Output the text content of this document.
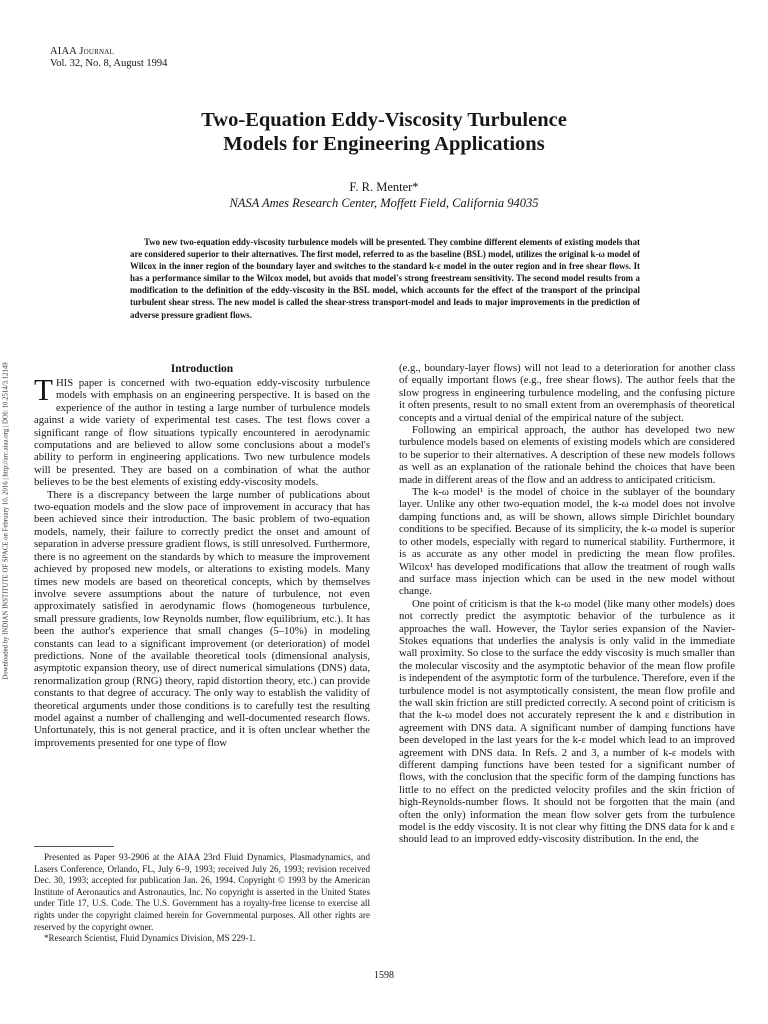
AIAA Journal
Vol. 32, No. 8, August 1994
Two-Equation Eddy-Viscosity Turbulence
Models for Engineering Applications
F. R. Menter*
NASA Ames Research Center, Moffett Field, California 94035
Two new two-equation eddy-viscosity turbulence models will be presented. They combine different elements of existing models that are considered superior to their alternatives. The first model, referred to as the baseline (BSL) model, utilizes the original k-ω model of Wilcox in the inner region of the boundary layer and switches to the standard k-ε model in the outer region and in free shear flows. It has a performance similar to the Wilcox model, but avoids that model's strong freestream sensitivity. The second model results from a modification to the definition of the eddy-viscosity in the BSL model, which accounts for the effect of the transport of the principal turbulent shear stress. The new model is called the shear-stress transport-model and leads to major improvements in the prediction of adverse pressure gradient flows.
Downloaded by INDIAN INSTITUTE OF SPACE on February 10, 2016 | http://arc.aiaa.org | DOI: 10.2514/3.12149	Introduction

THIS paper is concerned with two-equation eddy-viscosity turbulence models with emphasis on an engineering perspective. It is based on the experience of the author in testing a large number of turbulence models against a wide variety of experimental test cases. The test flows cover a significant range of flow situations typically encountered in aerodynamic computations and are believed to allow some conclusions about a model's ability to perform in engineering applications. Two new turbulence models will be presented. They are based on a combination of what the author believes to be the best elements of existing eddy-viscosity models.

There is a discrepancy between the large number of publications about two-equation models and the slow pace of improvement in accuracy that has been achieved since their introduction. The basic problem of two-equation models, namely, their failure to correctly predict the onset and amount of separation in adverse pressure gradient flows, is still unresolved. Furthermore, there is no agreement on the standards by which to measure the improvement achieved by proposed new models, or alterations to existing models. Many times new models are based on theoretical concepts, which by themselves involve severe assumptions about the nature of turbulence, not even approximately satisfied in aerodynamic flows (homogeneous turbulence, small pressure gradients, low Reynolds number, flow equilibrium, etc.). It has been the author's experience that small changes (5–10%) in modeling constants can lead to a significant improvement (or deterioration) of model predictions. None of the available theoretical tools (dimensional analysis, asymptotic expansion theory, use of direct numerical simulations (DNS) data, renormalization group (RNG) theory, rapid distortion theory, etc.) can provide constants to that degree of accuracy. The only way to establish the validity of theoretical arguments under those conditions is to carefully test the resulting model against a number of challenging and well-documented research flows. Unfortunately, this is not general practice, and it is often unclear whether the improvements presented for one type of flow

(e.g., boundary-layer flows) will not lead to a deterioration for another class of equally important flows (e.g., free shear flows). The author feels that the slow progress in engineering turbulence modeling, and the confusing picture it often presents, result to no small extent from an overemphasis of theoretical concepts and a virtual denial of the empirical nature of the subject.

Following an empirical approach, the author has developed two new turbulence models based on elements of existing models which are considered to be superior to their alternatives. A description of these new models follows as well as an explanation of the rationale behind the choices that have been made in different areas of the flow and an address to anticipated criticism.

The k-ω model¹ is the model of choice in the sublayer of the boundary layer. Unlike any other two-equation model, the k-ω model does not involve damping functions and, as will be shown, allows simple Dirichlet boundary conditions to be specified. Because of its simplicity, the k-ω model is superior to other models, especially with regard to numerical stability. Furthermore, it is as accurate as any other model in predicting the mean flow profiles. Wilcox¹ has developed modifications that allow the treatment of rough walls and surface mass injection which can be used in the new model without change.

One point of criticism is that the k-ω model (like many other models) does not correctly predict the asymptotic behavior of the turbulence as it approaches the wall. However, the Taylor series expansion of the Navier-Stokes equations that underlies the analysis is only valid in the immediate wall proximity. So close to the surface the eddy viscosity is much smaller than the molecular viscosity and the asymptotic behavior of the mean flow profile is independent of the asymptotic form of the turbulence. Therefore, even if the turbulence model is not asymptotically consistent, the mean flow profile and the wall skin friction are still predicted correctly. A second point of criticism is that the k-ω model does not accurately represent the k and ε distribution in agreement with DNS data. A significant number of damping functions have been developed in the last years for the k-ε model which lead to an improved agreement with DNS data. In Refs. 2 and 3, a number of k-ε models with different damping functions have been tested for a significant number of flows, with the conclusion that the specific form of the damping functions has little to no effect on the predicted velocity profiles and the skin friction of high-Reynolds-number flows. It should not be forgotten that the main (and often the only) information the mean flow solver gets from the turbulence model is the eddy viscosity. It is not clear why fitting the DNS data for k and ε should lead to an improved eddy-viscosity distribution. In the end, the

Presented as Paper 93-2906 at the AIAA 23rd Fluid Dynamics, Plasmadynamics, and Lasers Conference, Orlando, FL, July 6–9, 1993; received July 26, 1993; revision received Dec. 30, 1993; accepted for publication Jan. 26, 1994. Copyright © 1993 by the American Institute of Aeronautics and Astronautics, Inc. No copyright is asserted in the United States under Title 17, U.S. Code. The U.S. Government has a royalty-free license to exercise all rights under the copyright claimed herein for Governmental purposes. All other rights are reserved by the copyright owner.

*Research Scientist, Fluid Dynamics Division, MS 229-1.

1598
